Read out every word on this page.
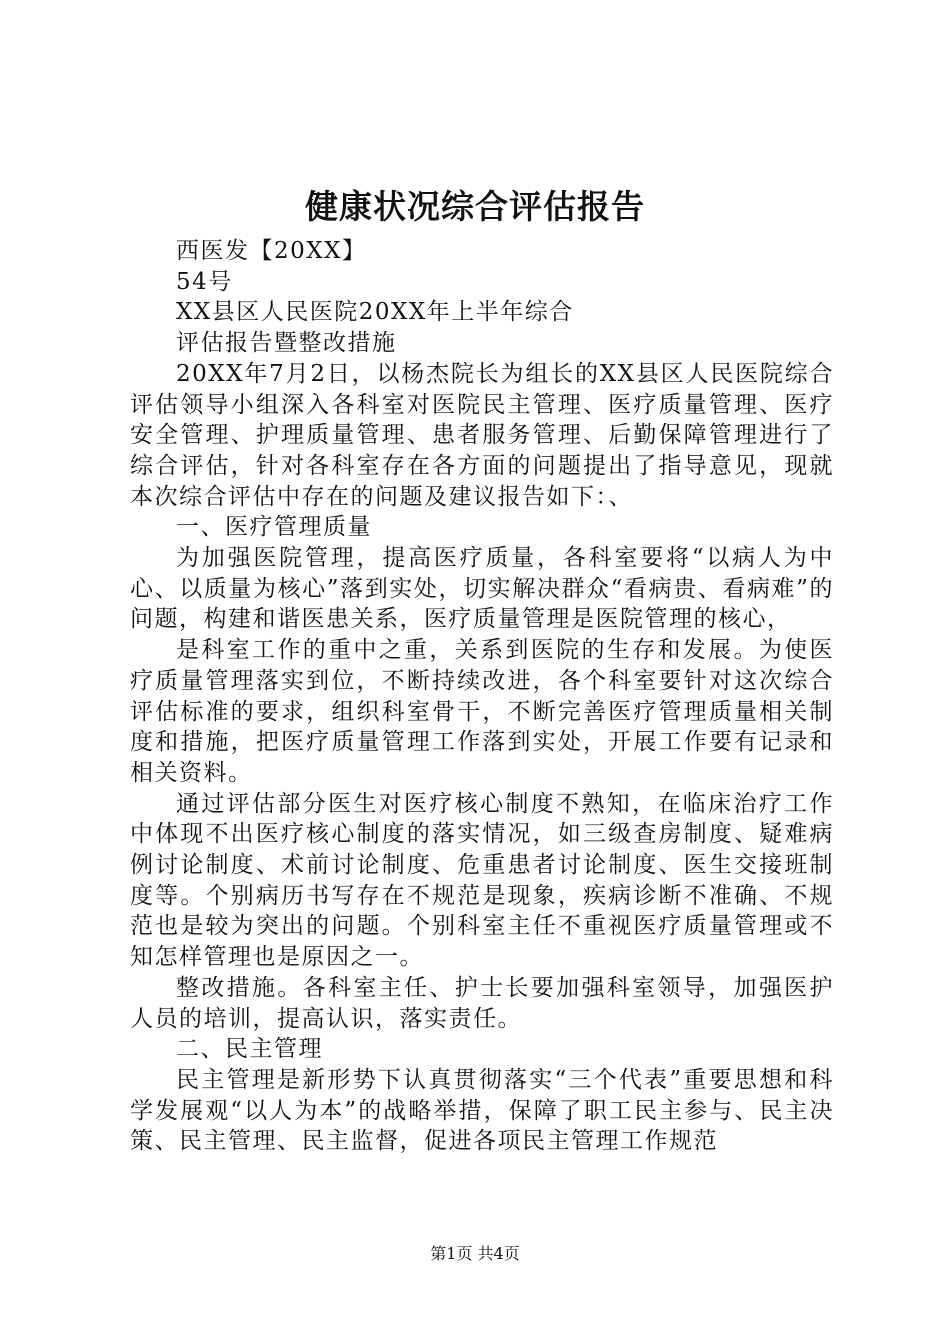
健康状况综合评估报告

西医发【20XX】

54号

XX县区人民医院20XX年上半年综合

评估报告暨整改措施

20XX年7月2日，以杨杰院长为组长的XX县区人民医院综合评估领导小组深入各科室对医院民主管理、医疗质量管理、医疗安全管理、护理质量管理、患者服务管理、后勤保障管理进行了综合评估，针对各科室存在各方面的问题提出了指导意见，现就本次综合评估中存在的问题及建议报告如下：、

一、医疗管理质量

为加强医院管理，提高医疗质量，各科室要将“以病人为中心、以质量为核心”落到实处，切实解决群众“看病贵、看病难”的问题，构建和谐医患关系，医疗质量管理是医院管理的核心，

是科室工作的重中之重，关系到医院的生存和发展。为使医疗质量管理落实到位，不断持续改进，各个科室要针对这次综合评估标准的要求，组织科室骨干，不断完善医疗管理质量相关制度和措施，把医疗质量管理工作落到实处，开展工作要有记录和相关资料。

通过评估部分医生对医疗核心制度不熟知，在临床治疗工作中体现不出医疗核心制度的落实情况，如三级查房制度、疑难病例讨论制度、术前讨论制度、危重患者讨论制度、医生交接班制度等。个别病历书写存在不规范是现象，疾病诊断不准确、不规范也是较为突出的问题。个别科室主任不重视医疗质量管理或不知怎样管理也是原因之一。

整改措施。各科室主任、护士长要加强科室领导，加强医护人员的培训，提高认识，落实责任。

二、民主管理

民主管理是新形势下认真贯彻落实“三个代表”重要思想和科学发展观“以人为本”的战略举措，保障了职工民主参与、民主决策、民主管理、民主监督，促进各项民主管理工作规范

第1页 共4页
